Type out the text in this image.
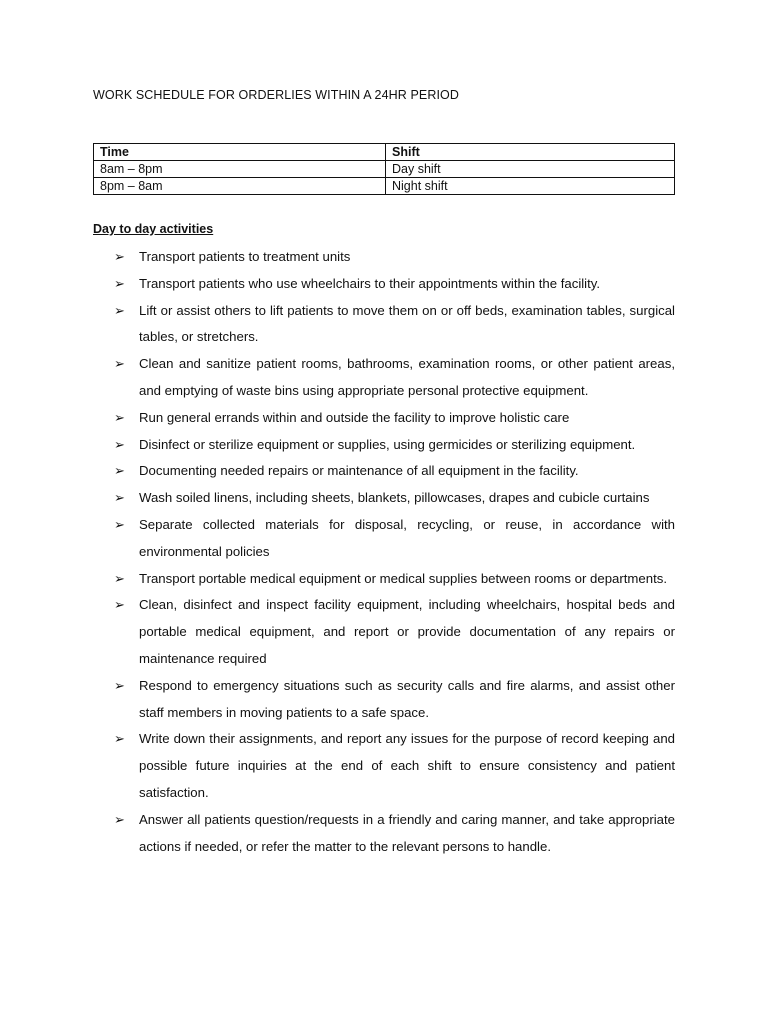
WORK SCHEDULE FOR ORDERLIES WITHIN A 24HR PERIOD
Time	Shift
8am – 8pm	Day shift
8pm – 8am	Night shift
Day to day activities
➢ Transport patients to treatment units
➢ Transport patients who use wheelchairs to their appointments within the facility.
➢ Lift or assist others to lift patients to move them on or off beds, examination tables, surgical tables, or stretchers.
➢ Clean and sanitize patient rooms, bathrooms, examination rooms, or other patient areas, and emptying of waste bins using appropriate personal protective equipment.
➢ Run general errands within and outside the facility to improve holistic care
➢ Disinfect or sterilize equipment or supplies, using germicides or sterilizing equipment.
➢ Documenting needed repairs or maintenance of all equipment in the facility.
➢ Wash soiled linens, including sheets, blankets, pillowcases, drapes and cubicle curtains
➢ Separate collected materials for disposal, recycling, or reuse, in accordance with environmental policies
➢ Transport portable medical equipment or medical supplies between rooms or departments.
➢ Clean, disinfect and inspect facility equipment, including wheelchairs, hospital beds and portable medical equipment, and report or provide documentation of any repairs or maintenance required
➢ Respond to emergency situations such as security calls and fire alarms, and assist other staff members in moving patients to a safe space.
➢ Write down their assignments, and report any issues for the purpose of record keeping and possible future inquiries at the end of each shift to ensure consistency and patient satisfaction.
➢ Answer all patients question/requests in a friendly and caring manner, and take appropriate actions if needed, or refer the matter to the relevant persons to handle.
